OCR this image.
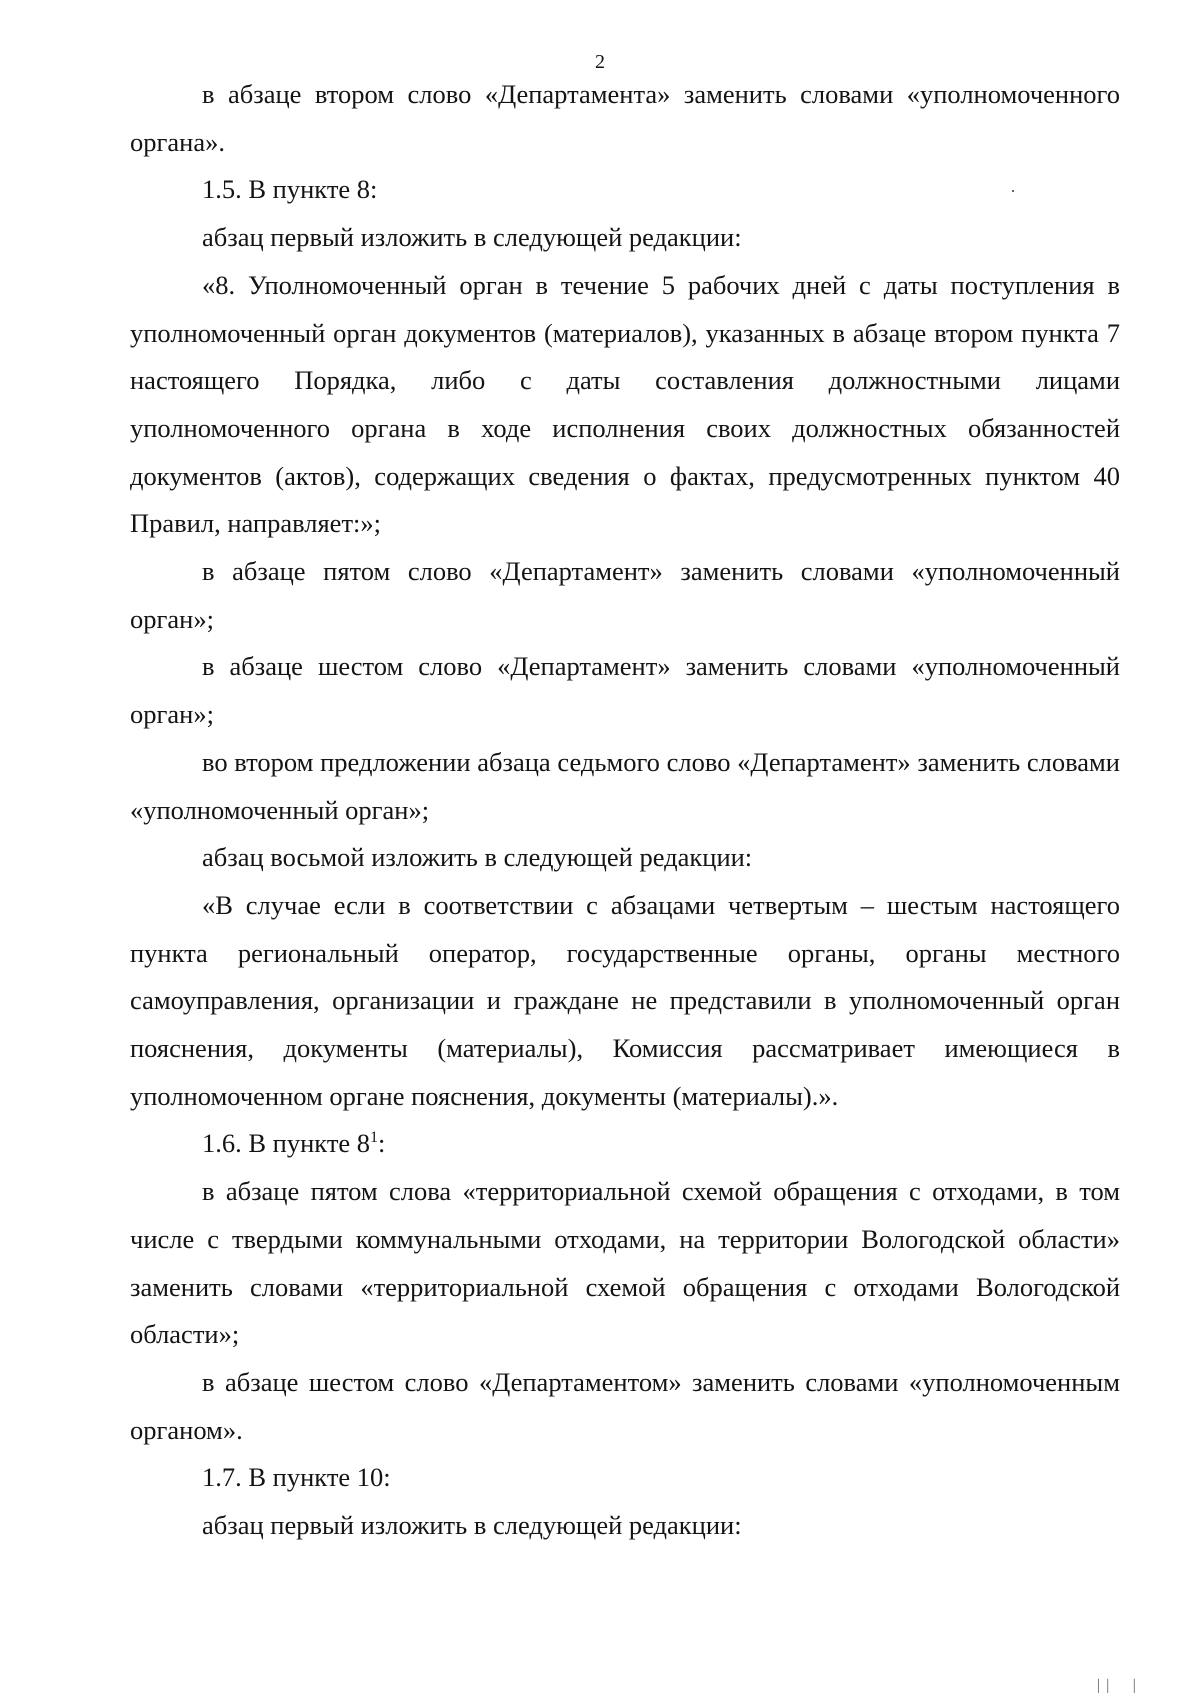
2

в абзаце втором слово «Департамента» заменить словами «уполномоченного органа».

1.5. В пункте 8:

абзац первый изложить в следующей редакции:

«8. Уполномоченный орган в течение 5 рабочих дней с даты поступления в уполномоченный орган документов (материалов), указанных в абзаце втором пункта 7 настоящего Порядка, либо с даты составления должностными лицами уполномоченного органа в ходе исполнения своих должностных обязанностей документов (актов), содержащих сведения о фактах, предусмотренных пунктом 40 Правил, направляет:»;

в абзаце пятом слово «Департамент» заменить словами «уполномоченный орган»;

в абзаце шестом слово «Департамент» заменить словами «уполномоченный орган»;

во втором предложении абзаца седьмого слово «Департамент» заменить словами «уполномоченный орган»;

абзац восьмой изложить в следующей редакции:

«В случае если в соответствии с абзацами четвертым – шестым настоящего пункта региональный оператор, государственные органы, органы местного самоуправления, организации и граждане не представили в уполномоченный орган пояснения, документы (материалы), Комиссия рассматривает имеющиеся в уполномоченном органе пояснения, документы (материалы).».

1.6. В пункте $8^1$:

в абзаце пятом слова «территориальной схемой обращения с отходами, в том числе с твердыми коммунальными отходами, на территории Вологодской области» заменить словами «территориальной схемой обращения с отходами Вологодской области»;

в абзаце шестом слово «Департаментом» заменить словами «уполномоченным органом».

1.7. В пункте 10:

абзац первый изложить в следующей редакции:

││   │
